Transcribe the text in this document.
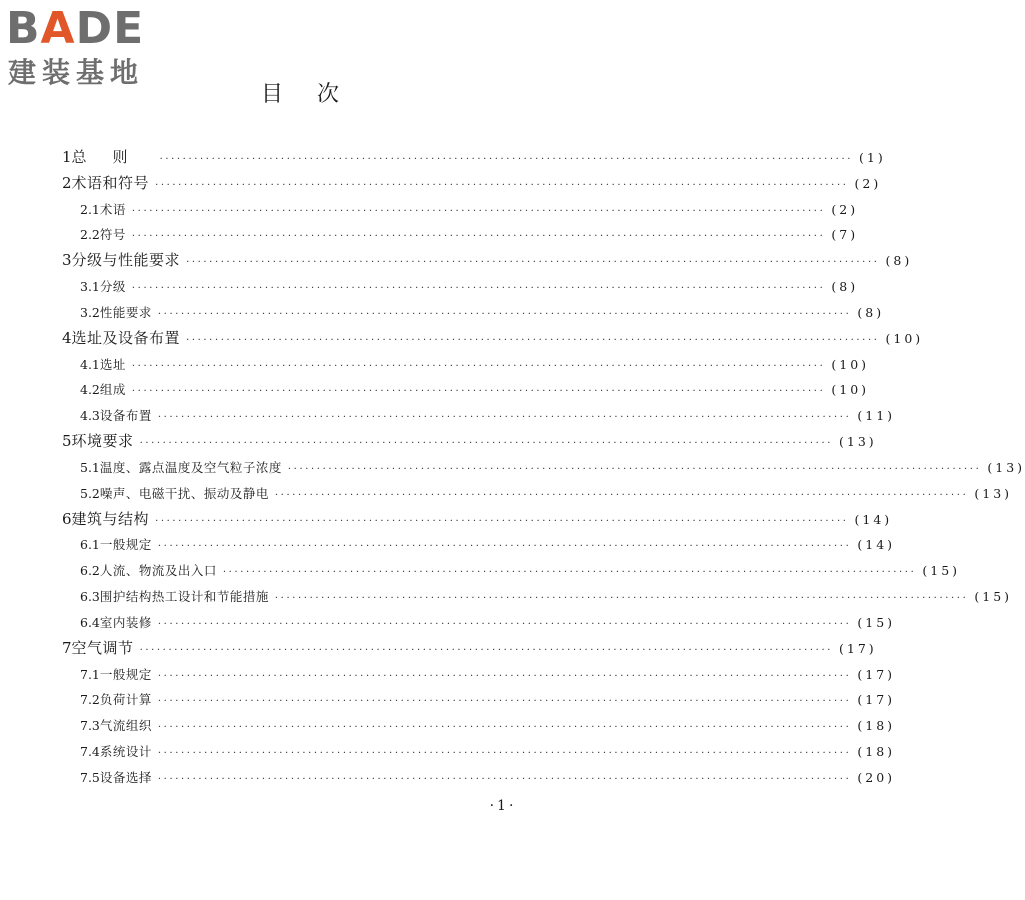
BADE
建装基地
目次
1 总则 ························································································································ (1)
2 术语和符号 ························································································································ (2)
2.1 术语 ························································································································ (2)
2.2 符号 ························································································································ (7)
3 分级与性能要求 ························································································································ (8)
3.1 分级 ························································································································ (8)
3.2 性能要求 ························································································································ (8)
4 选址及设备布置 ························································································································ (10)
4.1 选址 ························································································································ (10)
4.2 组成 ························································································································ (10)
4.3 设备布置 ························································································································ (11)
5 环境要求 ························································································································ (13)
5.1 温度、露点温度及空气粒子浓度 ························································································································ (13)
5.2 噪声、电磁干扰、振动及静电 ························································································································ (13)
6 建筑与结构 ························································································································ (14)
6.1 一般规定 ························································································································ (14)
6.2 人流、物流及出入口 ························································································································ (15)
6.3 围护结构热工设计和节能措施 ························································································································ (15)
6.4 室内装修 ························································································································ (15)
7 空气调节 ························································································································ (17)
7.1 一般规定 ························································································································ (17)
7.2 负荷计算 ························································································································ (17)
7.3 气流组织 ························································································································ (18)
7.4 系统设计 ························································································································ (18)
7.5 设备选择 ························································································································ (20)
·1·
